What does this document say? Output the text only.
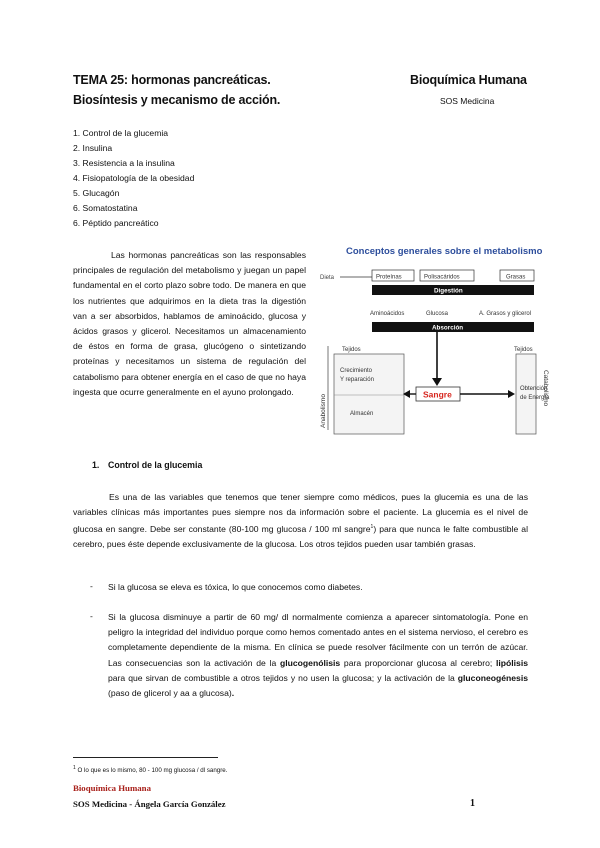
TEMA 25: hormonas pancreáticas.
Biosíntesis y mecanismo de acción.
Bioquímica Humana
SOS Medicina
1. Control de la glucemia
2. Insulina
3. Resistencia a la insulina
4. Fisiopatología de la obesidad
5. Glucagón
6. Somatostatina
6. Péptido pancreático
Las hormonas pancreáticas son las responsables principales de regulación del metabolismo y juegan un papel fundamental en el corto plazo sobre todo. De manera en que los nutrientes que adquirimos en la dieta tras la digestión van a ser absorbidos, hablamos de aminoácido, glucosa y ácidos grasos y glicerol. Necesitamos un almacenamiento de éstos en forma de grasa, glucógeno o sintetizando proteínas y necesitamos un sistema de regulación del catabolismo para obtener energía en el caso de que no haya ingesta que ocurre generalmente en el ayuno prolongado.
Conceptos generales sobre el metabolismo
Dieta	Proteínas	Polisacáridos	Grasas
Digestión
Aminoácidos	Glucosa	A. Grasos y glicerol
Absorción
Tejidos
Crecimiento
Y reparación
Almacén
Anabolismo
Catabolismo
Sangre
Tejidos
Obtención
de Energía
1. Control de la glucemia
Es una de las variables que tenemos que tener siempre como médicos, pues la glucemia es una de las variables clínicas más importantes pues siempre nos da información sobre el paciente. La glucemia es el nivel de glucosa en sangre. Debe ser constante (80-100 mg glucosa / 100 ml sangre$^1$) para que nunca le falte combustible al cerebro, pues éste depende exclusivamente de la glucosa. Los otros tejidos pueden usar también grasas.
- Si la glucosa se eleva es tóxica, lo que conocemos como diabetes.
- Si la glucosa disminuye a partir de 60 mg/ dl normalmente comienza a aparecer sintomatología. Pone en peligro la integridad del individuo porque como hemos comentado antes en el sistema nervioso, el cerebro es completamente dependiente de la misma. En clínica se puede resolver fácilmente con un terrón de azúcar. Las consecuencias son la activación de la glucogenólisis para proporcionar glucosa al cerebro; lipólisis para que sirvan de combustible a otros tejidos y no usen la glucosa; y la activación de la gluconeogénesis (paso de glicerol y aa a glucosa).
$^1$ O lo que es lo mismo, 80 - 100 mg glucosa / dl sangre.
Bioquímica Humana
SOS Medicina - Ángela García González	1
